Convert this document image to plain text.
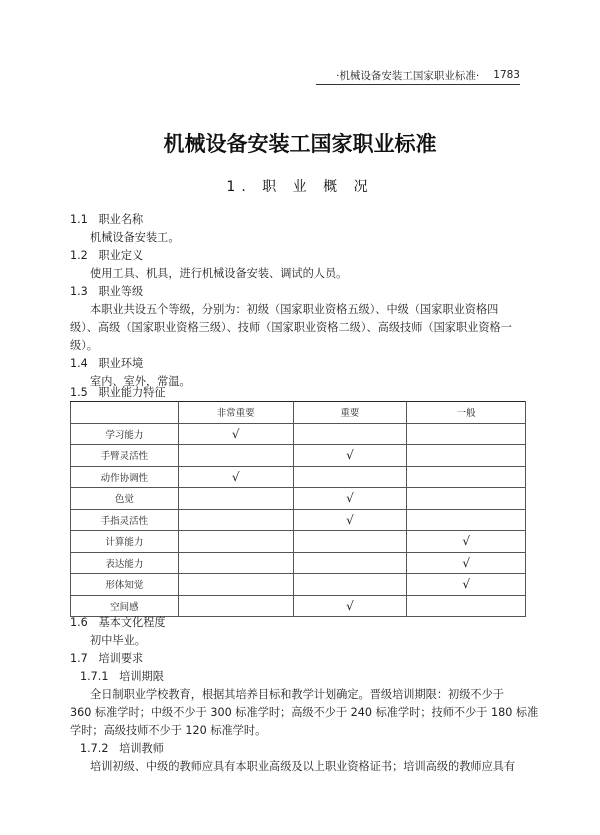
·机械设备安装工国家职业标准· 1783
机械设备安装工国家职业标准
1. 职 业 概 况
1.1 职业名称
机械设备安装工。
1.2 职业定义
使用工具、机具，进行机械设备安装、调试的人员。
1.3 职业等级
本职业共设五个等级，分别为：初级（国家职业资格五级）、中级（国家职业资格四
级）、高级（国家职业资格三级）、技师（国家职业资格二级）、高级技师（国家职业资格一
级）。
1.4 职业环境
室内、室外，常温。
1.5 职业能力特征
	非常重要	重要	一般
学习能力	√		
手臂灵活性		√	
动作协调性	√		
色觉		√	
手指灵活性		√	
计算能力			√
表达能力			√
形体知觉			√
空间感		√	
1.6 基本文化程度
初中毕业。
1.7 培训要求
1.7.1 培训期限
全日制职业学校教育，根据其培养目标和教学计划确定。晋级培训期限：初级不少于
360 标准学时；中级不少于 300 标准学时；高级不少于 240 标准学时；技师不少于 180 标准
学时；高级技师不少于 120 标准学时。
1.7.2 培训教师
培训初级、中级的教师应具有本职业高级及以上职业资格证书；培训高级的教师应具有
